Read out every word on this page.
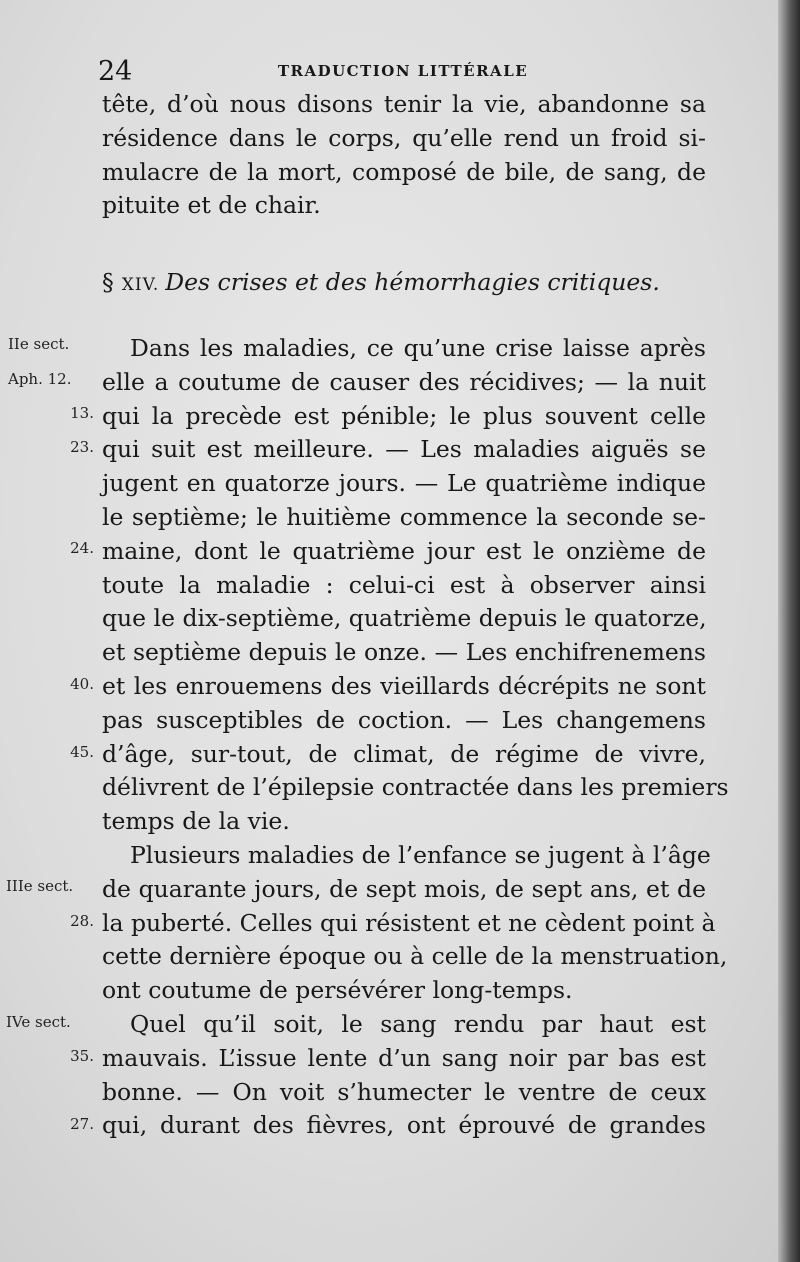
24	TRADUCTION LITTÉRALE
tête, d’où nous disons tenir la vie, abandonne sa
résidence dans le corps, qu’elle rend un froid si-
mulacre de la mort, composé de bile, de sang, de
pituite et de chair.
§ XIV. Des crises et des hémorrhagies critiques.
Dans les maladies, ce qu’une crise laisse après
elle a coutume de causer des récidives; — la nuit
qui la precède est pénible; le plus souvent celle
qui suit est meilleure. — Les maladies aiguës se
jugent en quatorze jours. — Le quatrième indique
le septième; le huitième commence la seconde se-
maine, dont le quatrième jour est le onzième de
toute la maladie : celui-ci est à observer ainsi
que le dix-septième, quatrième depuis le quatorze,
et septième depuis le onze. — Les enchifrenemens
et les enrouemens des vieillards décrépits ne sont
pas susceptibles de coction. — Les changemens
d’âge, sur-tout, de climat, de régime de vivre,
délivrent de l’épilepsie contractée dans les premiers
temps de la vie.
Plusieurs maladies de l’enfance se jugent à l’âge
de quarante jours, de sept mois, de sept ans, et de
la puberté. Celles qui résistent et ne cèdent point à
cette dernière époque ou à celle de la menstruation,
ont coutume de persévérer long-temps.
Quel qu’il soit, le sang rendu par haut est
mauvais. L’issue lente d’un sang noir par bas est
bonne. — On voit s’humecter le ventre de ceux
qui, durant des fièvres, ont éprouvé de grandes
IIe sect.
Aph. 12.
13.
23.
24.
40.
45.
IIIe sect.
28.
IVe sect.
35.
27.
